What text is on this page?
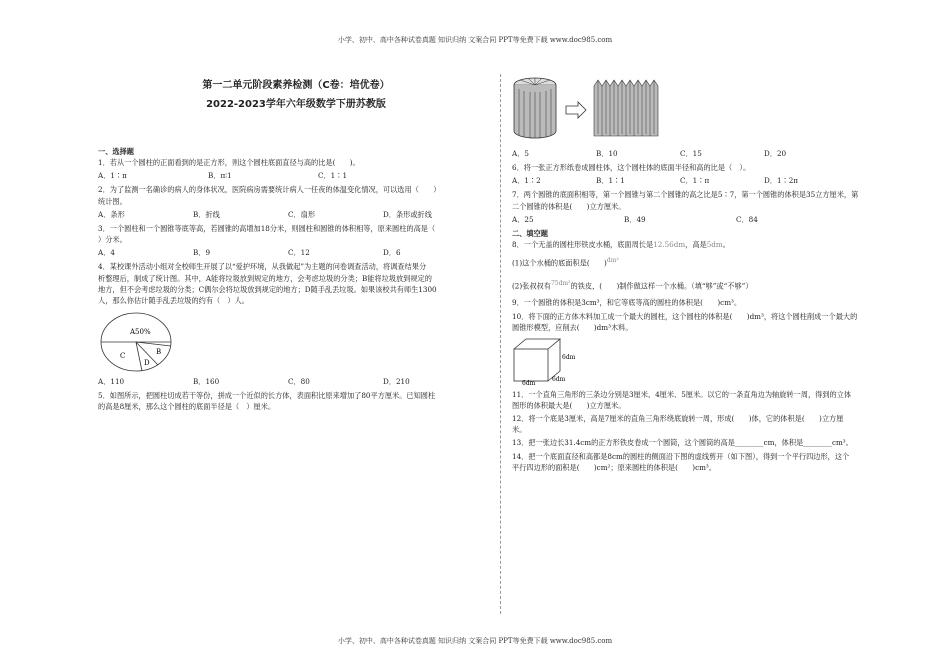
小学、初中、高中各种试卷真题 知识归纳 文案合同 PPT等免费下载 www.doc985.com
小学、初中、高中各种试卷真题 知识归纳 文案合同 PPT等免费下载 www.doc985.com
第一二单元阶段素养检测（C卷：培优卷）
2022-2023学年六年级数学下册苏教版
一、选择题
1．若从一个圆柱的正面看到的是正方形，则这个圆柱底面直径与高的比是(　　)。
A．1∶π	B．π∶1	C．1∶1
2．为了监测一名确诊的病人的身体状况，医院病房需要统计病人一任夜的体温变化情况，可以选用（　　）
统计图。
A．条形	B．折线	C．扇形	D．条形或折线
3．一个圆柱和一个圆锥等底等高，若圆锥的高增加18分米，则圆柱和圆锥的体积相等，原来圆柱的高是（
）分米。
A．4	B．9	C．12	D．6
4．某校课外活动小组对全校师生开展了以“爱护环境，从我做起”为主题的问卷调查活动，将调查结果分
析整理后，制成了统计图。其中，A能将垃圾放到规定的地方，会考虑垃圾的分类；B能将垃圾放到规定的
地方，但不会考虑垃圾的分类；C偶尔会将垃圾放到规定的地方；D随手乱丢垃圾。如果该校共有师生1300
人，那么你估计随手乱丢垃圾的约有（　）人。
A50%
B
C
D
A．110	B．160	C．80	D．210
5．如图所示，把圆柱切成若干等份，拼成一个近似的长方体，表面积比原来增加了80平方厘米。已知圆柱
的高是8厘米，那么这个圆柱的底面半径是（　）厘米。
A．5	B．10	C．15	D．20
6．将一张正方形纸卷成圆柱体，这个圆柱体的底面半径和高的比是（　）。
A．1∶2	B．1∶1	C．1∶π	D．1∶2π
7．两个圆锥的底面积相等，第一个圆锥与第二个圆锥的高之比是5∶7，第一个圆锥的体积是35立方厘米，第
二个圆锥的体积是(　　)立方厘米。
A．25	B．49	C．84
二、填空题
8．一个无盖的圆柱形铁皮水桶，底面周长是12.56dm，高是5dm。
(1)这个水桶的底面积是(　　)$^{dm^2}$
(2)张叔叔有$^{75dm^2}$的铁皮，(　　)制作做这样一个水桶。（填“够”或“不够”）
9．一个圆锥的体积是3cm³，和它等底等高的圆柱的体积是(　　)cm³。
10．将下面的正方体木料加工成一个最大的圆柱，这个圆柱的体积是(　　)dm³，将这个圆柱削成一个最大的
圆锥形模型，应削去(　　)dm³木料。
6dm
6dm
6dm
11．一个直角三角形的三条边分别是3厘米、4厘米、5厘米。以它的一条直角边为轴旋转一周，得到的立体
图形的体积最大是(　　)立方厘米。
12．将一个底是3厘米，高是7厘米的直角三角形绕底旋转一周，形成(　　)体，它的体积是(　　)立方厘
米。
13．把一张边长31.4cm的正方形铁皮卷成一个圆筒，这个圆筒的高是________cm，体积是________cm³。
14．把一个底面直径和高都是8cm的圆柱的侧面沿下图的虚线剪开（如下图），得到一个平行四边形，这个
平行四边形的面积是(　　)cm²；原来圆柱的体积是(　　)cm³。
